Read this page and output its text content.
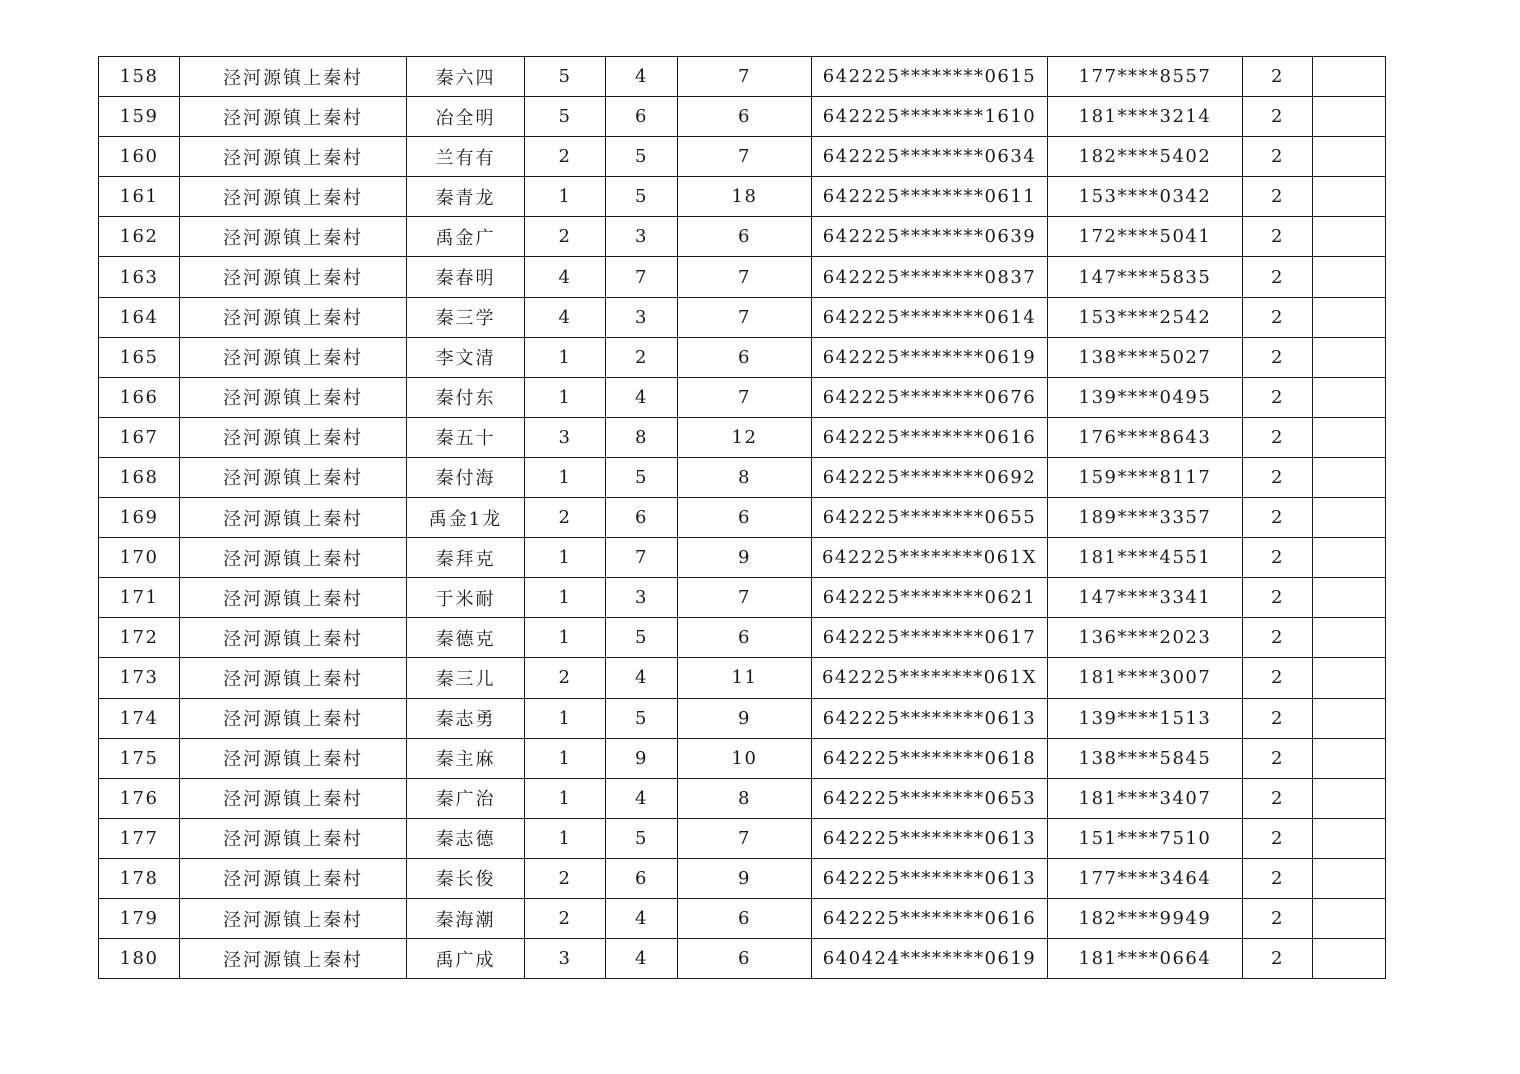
158	泾河源镇上秦村	秦六四	5	4	7	642225********0615	177****8557	2	
159	泾河源镇上秦村	冶全明	5	6	6	642225********1610	181****3214	2	
160	泾河源镇上秦村	兰有有	2	5	7	642225********0634	182****5402	2	
161	泾河源镇上秦村	秦青龙	1	5	18	642225********0611	153****0342	2	
162	泾河源镇上秦村	禹金广	2	3	6	642225********0639	172****5041	2	
163	泾河源镇上秦村	秦春明	4	7	7	642225********0837	147****5835	2	
164	泾河源镇上秦村	秦三学	4	3	7	642225********0614	153****2542	2	
165	泾河源镇上秦村	李文清	1	2	6	642225********0619	138****5027	2	
166	泾河源镇上秦村	秦付东	1	4	7	642225********0676	139****0495	2	
167	泾河源镇上秦村	秦五十	3	8	12	642225********0616	176****8643	2	
168	泾河源镇上秦村	秦付海	1	5	8	642225********0692	159****8117	2	
169	泾河源镇上秦村	禹金1龙	2	6	6	642225********0655	189****3357	2	
170	泾河源镇上秦村	秦拜克	1	7	9	642225********061X	181****4551	2	
171	泾河源镇上秦村	于米耐	1	3	7	642225********0621	147****3341	2	
172	泾河源镇上秦村	秦德克	1	5	6	642225********0617	136****2023	2	
173	泾河源镇上秦村	秦三儿	2	4	11	642225********061X	181****3007	2	
174	泾河源镇上秦村	秦志勇	1	5	9	642225********0613	139****1513	2	
175	泾河源镇上秦村	秦主麻	1	9	10	642225********0618	138****5845	2	
176	泾河源镇上秦村	秦广治	1	4	8	642225********0653	181****3407	2	
177	泾河源镇上秦村	秦志德	1	5	7	642225********0613	151****7510	2	
178	泾河源镇上秦村	秦长俊	2	6	9	642225********0613	177****3464	2	
179	泾河源镇上秦村	秦海潮	2	4	6	642225********0616	182****9949	2	
180	泾河源镇上秦村	禹广成	3	4	6	640424********0619	181****0664	2	
